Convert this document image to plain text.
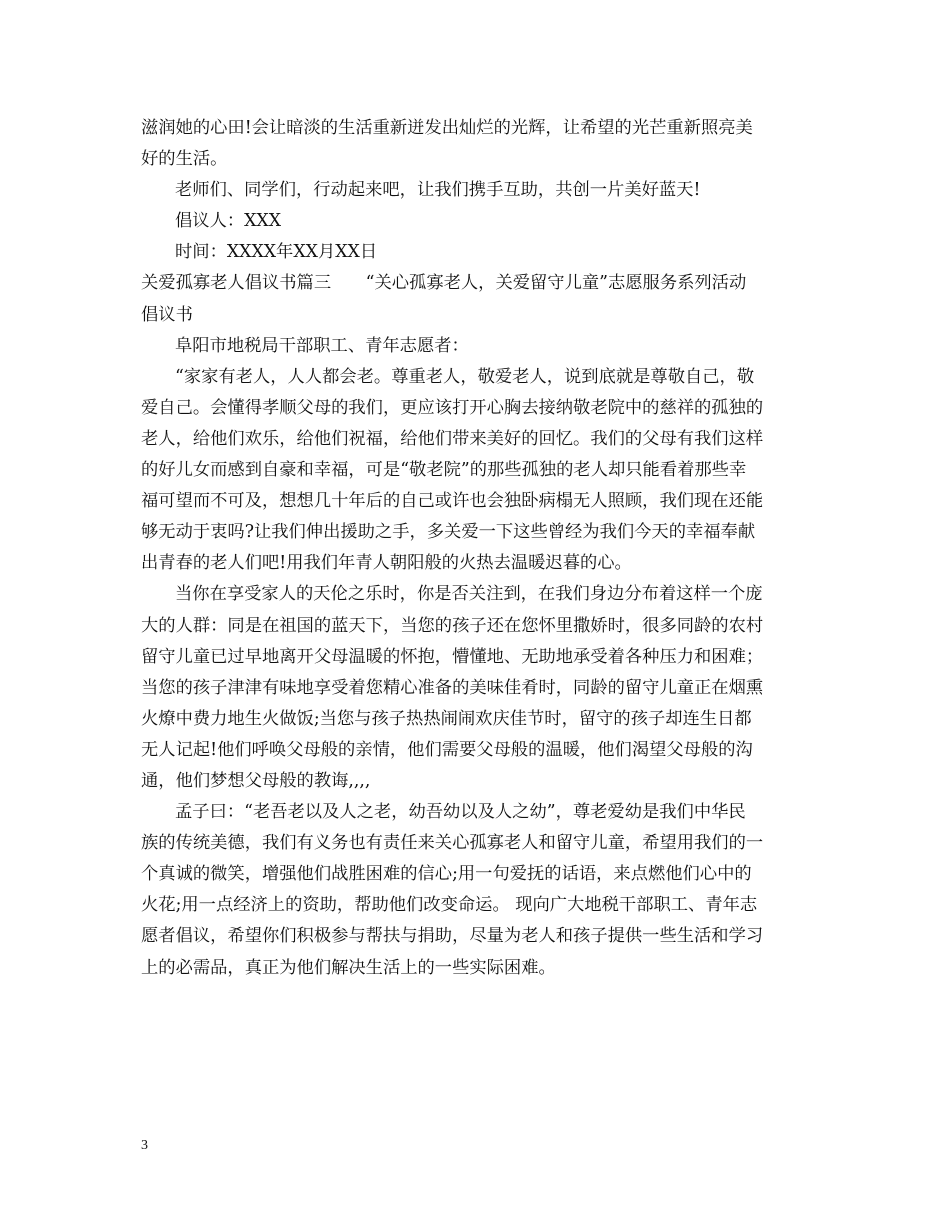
滋润她的心田!会让暗淡的生活重新迸发出灿烂的光辉，让希望的光芒重新照亮美
好的生活。
老师们、同学们，行动起来吧，让我们携手互助，共创一片美好蓝天!
倡议人：XXX
时间：XXXX年XX月XX日
关爱孤寡老人倡议书篇三　　“关心孤寡老人，关爱留守儿童”志愿服务系列活动
倡议书
阜阳市地税局干部职工、青年志愿者：
“家家有老人，人人都会老。尊重老人，敬爱老人，说到底就是尊敬自己，敬
爱自己。会懂得孝顺父母的我们，更应该打开心胸去接纳敬老院中的慈祥的孤独的
老人，给他们欢乐，给他们祝福，给他们带来美好的回忆。我们的父母有我们这样
的好儿女而感到自豪和幸福，可是“敬老院”的那些孤独的老人却只能看着那些幸
福可望而不可及，想想几十年后的自己或许也会独卧病榻无人照顾，我们现在还能
够无动于衷吗?让我们伸出援助之手，多关爱一下这些曾经为我们今天的幸福奉献
出青春的老人们吧!用我们年青人朝阳般的火热去温暖迟暮的心。
当你在享受家人的天伦之乐时，你是否关注到，在我们身边分布着这样一个庞
大的人群：同是在祖国的蓝天下，当您的孩子还在您怀里撒娇时，很多同龄的农村
留守儿童已过早地离开父母温暖的怀抱，懵懂地、无助地承受着各种压力和困难；
当您的孩子津津有味地享受着您精心准备的美味佳肴时，同龄的留守儿童正在烟熏
火燎中费力地生火做饭;当您与孩子热热闹闹欢庆佳节时，留守的孩子却连生日都
无人记起!他们呼唤父母般的亲情，他们需要父母般的温暖，他们渴望父母般的沟
通，他们梦想父母般的教诲,,,,
孟子曰：“老吾老以及人之老，幼吾幼以及人之幼”，尊老爱幼是我们中华民
族的传统美德，我们有义务也有责任来关心孤寡老人和留守儿童，希望用我们的一
个真诚的微笑，增强他们战胜困难的信心;用一句爱抚的话语，来点燃他们心中的
火花;用一点经济上的资助，帮助他们改变命运。 现向广大地税干部职工、青年志
愿者倡议，希望你们积极参与帮扶与捐助，尽量为老人和孩子提供一些生活和学习
上的必需品，真正为他们解决生活上的一些实际困难。
3
